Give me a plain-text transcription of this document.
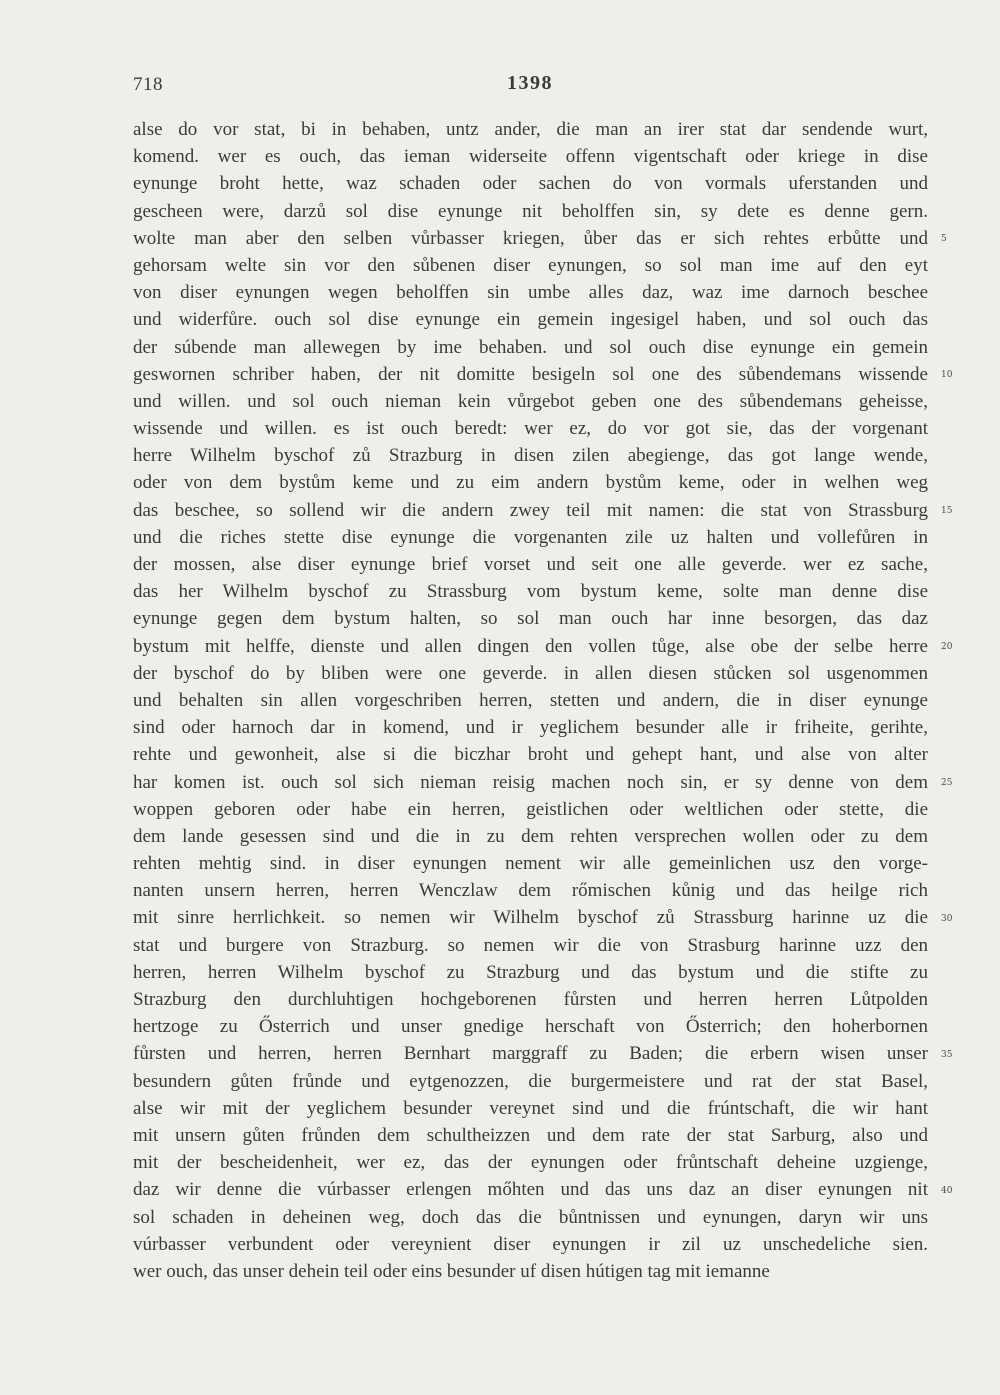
718	1398
alse do vor stat, bi in behaben, untz ander, die man an irer stat dar sendende wurt,
komend. wer es ouch, das ieman widerseite offenn vigentschaft oder kriege in dise
eynunge broht hette, waz schaden oder sachen do von vormals uferstanden und
gescheen were, darzů sol dise eynunge nit beholffen sin, sy dete es denne gern.
wolte man aber den selben vůrbasser kriegen, ůber das er sich rehtes erbůtte und
gehorsam welte sin vor den sůbenen diser eynungen, so sol man ime auf den eyt
von diser eynungen wegen beholffen sin umbe alles daz, waz ime darnoch beschee
und widerfůre. ouch sol dise eynunge ein gemein ingesigel haben, und sol ouch das
der súbende man allewegen by ime behaben. und sol ouch dise eynunge ein gemein
geswornen schriber haben, der nit domitte besigeln sol one des sůbendemans wissende
und willen. und sol ouch nieman kein vůrgebot geben one des sůbendemans geheisse,
wissende und willen. es ist ouch beredt: wer ez, do vor got sie, das der vorgenant
herre Wilhelm byschof zů Strazburg in disen zilen abegienge, das got lange wende,
oder von dem bystům keme und zu eim andern bystům keme, oder in welhen weg
das beschee, so sollend wir die andern zwey teil mit namen: die stat von Strassburg
und die riches stette dise eynunge die vorgenanten zile uz halten und vollefůren in
der mossen, alse diser eynunge brief vorset und seit one alle geverde. wer ez sache,
das her Wilhelm byschof zu Strassburg vom bystum keme, solte man denne dise
eynunge gegen dem bystum halten, so sol man ouch har inne besorgen, das daz
bystum mit helffe, dienste und allen dingen den vollen tůge, alse obe der selbe herre
der byschof do by bliben were one geverde. in allen diesen stůcken sol usgenommen
und behalten sin allen vorgeschriben herren, stetten und andern, die in diser eynunge
sind oder harnoch dar in komend, und ir yeglichem besunder alle ir friheite, gerihte,
rehte und gewonheit, alse si die biczhar broht und gehept hant, und alse von alter
har komen ist. ouch sol sich nieman reisig machen noch sin, er sy denne von dem
woppen geboren oder habe ein herren, geistlichen oder weltlichen oder stette, die
dem lande gesessen sind und die in zu dem rehten versprechen wollen oder zu dem
rehten mehtig sind. in diser eynungen nement wir alle gemeinlichen usz den vorge-
nanten unsern herren, herren Wenczlaw dem rőmischen kůnig und das heilge rich
mit sinre herrlichkeit. so nemen wir Wilhelm byschof zů Strassburg harinne uz die
stat und burgere von Strazburg. so nemen wir die von Strasburg harinne uzz den
herren, herren Wilhelm byschof zu Strazburg und das bystum und die stifte zu
Strazburg den durchluhtigen hochgeborenen fůrsten und herren herren Lůtpolden
hertzoge zu Ősterrich und unser gnedige herschaft von Ősterrich; den hoherbornen
fůrsten und herren, herren Bernhart marggraff zu Baden; die erbern wisen unser
besundern gůten frůnde und eytgenozzen, die burgermeistere und rat der stat Basel,
alse wir mit der yeglichem besunder vereynet sind und die frúntschaft, die wir hant
mit unsern gůten frůnden dem schultheizzen und dem rate der stat Sarburg, also und
mit der bescheidenheit, wer ez, das der eynungen oder frůntschaft deheine uzgienge,
daz wir denne die vúrbasser erlengen mőhten und das uns daz an diser eynungen nit
sol schaden in deheinen weg, doch das die bůntnissen und eynungen, daryn wir uns
vúrbasser verbundent oder vereynient diser eynungen ir zil uz unschedeliche sien.
wer ouch, das unser dehein teil oder eins besunder uf disen hútigen tag mit iemanne
5
10
15
20
25
30
35
40
